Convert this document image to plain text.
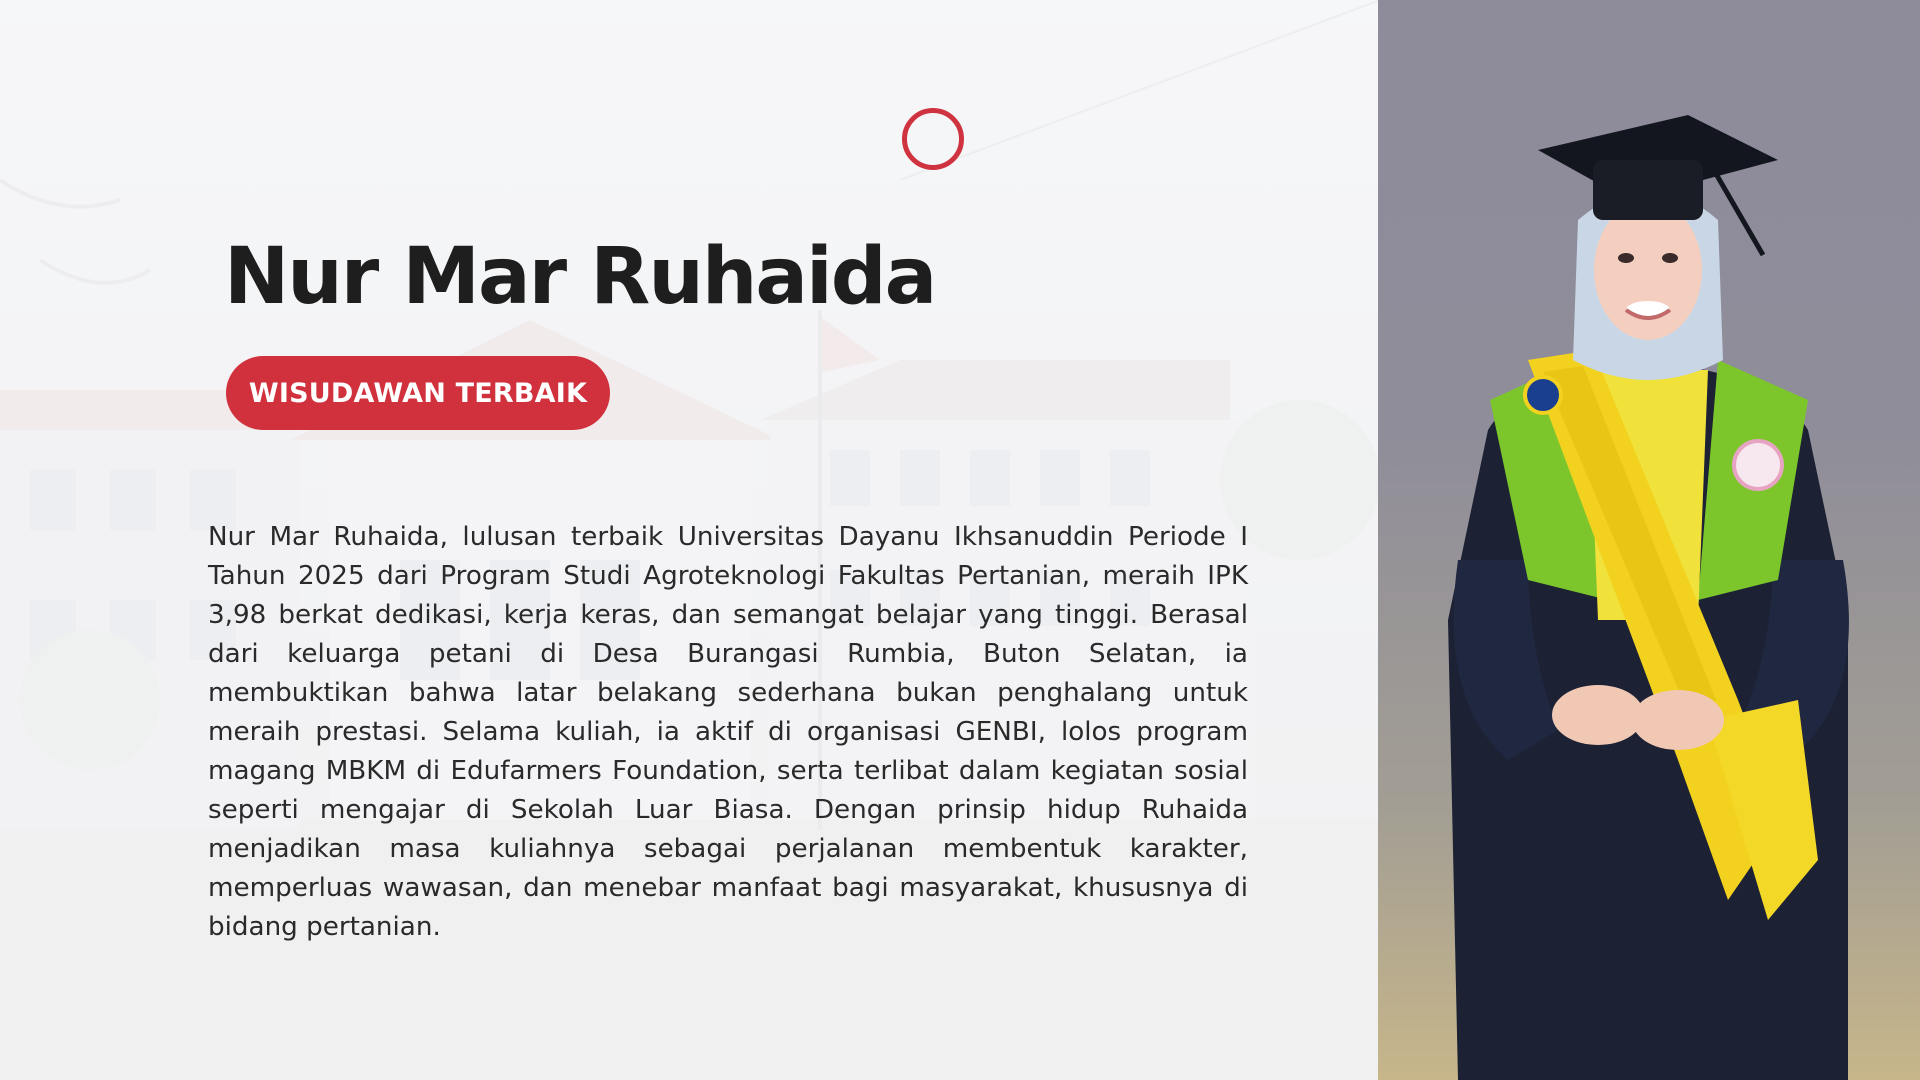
Nur Mar Ruhaida
WISUDAWAN TERBAIK

Nur Mar Ruhaida, lulusan terbaik Universitas Dayanu Ikhsanuddin Periode I Tahun 2025 dari Program Studi Agroteknologi Fakultas Pertanian, meraih IPK 3,98 berkat dedikasi, kerja keras, dan semangat belajar yang tinggi. Berasal dari keluarga petani di Desa Burangasi Rumbia, Buton Selatan, ia membuktikan bahwa latar belakang sederhana bukan penghalang untuk meraih prestasi. Selama kuliah, ia aktif di organisasi GENBI, lolos program magang MBKM di Edufarmers Foundation, serta terlibat dalam kegiatan sosial seperti mengajar di Sekolah Luar Biasa. Dengan prinsip hidup Ruhaida menjadikan masa kuliahnya sebagai perjalanan membentuk karakter, memperluas wawasan, dan menebar manfaat bagi masyarakat, khususnya di bidang pertanian.
